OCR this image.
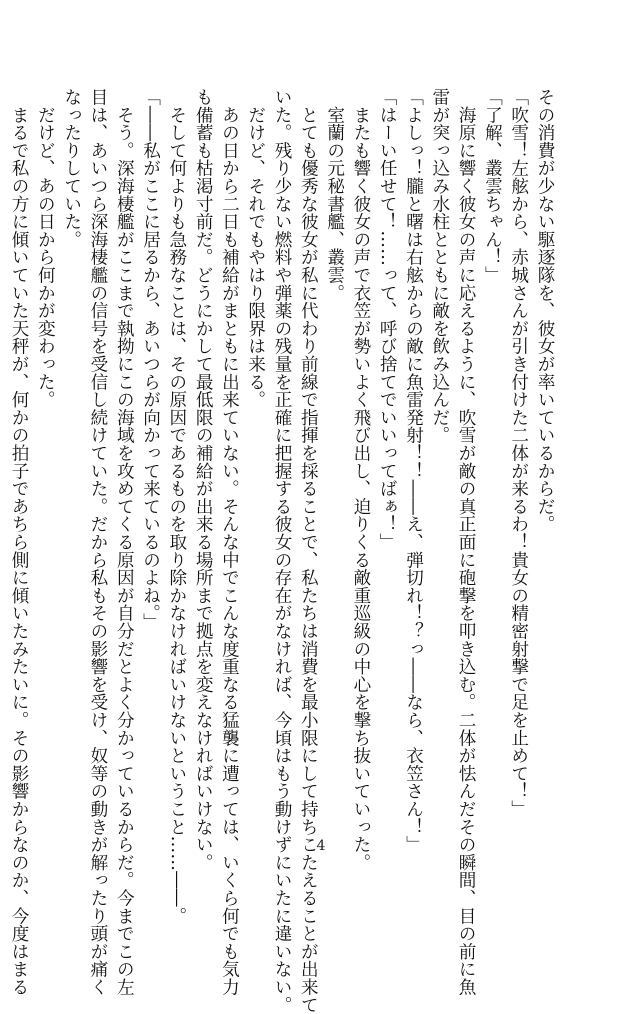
その消費が少ない駆逐隊を、彼女が率いているからだ。
「吹雪！左舷から、赤城さんが引き付けた二体が来るわ！貴女の精密射撃で足を止めて！」
「了解、叢雲ちゃん！」
　海原に響く彼女の声に応えるように、吹雪が敵の真正面に砲撃を叩き込む。二体が怯んだその瞬間、目の前に魚
雷が突っ込み水柱とともに敵を飲み込んだ。
「よしっ！朧と曙は右舷からの敵に魚雷発射！！――え、弾切れ！？っ――なら、衣笠さん！」
「はーい任せて！……って、呼び捨てでいいってばぁ！」
　またも響く彼女の声で衣笠が勢いよく飛び出し、迫りくる敵重巡級の中心を撃ち抜いていった。
　室蘭の元秘書艦、叢雲。
　とても優秀な彼女が私に代わり前線で指揮を採ることで、私たちは消費を最小限にして持ちこたえることが出来て
いた。残り少ない燃料や弾薬の残量を正確に把握する彼女の存在がなければ、今頃はもう動けずにいたに違いない。
　だけど、それでもやはり限界は来る。
　あの日から二日も補給がまともに出来ていない。そんな中でこんな度重なる猛襲に遭っては、いくら何でも気力
も備蓄も枯渇寸前だ。どうにかして最低限の補給が出来る場所まで拠点を変えなければいけない。
　そして何よりも急務なことは、その原因であるものを取り除かなければいけないということ……――。
「――私がここに居るから、あいつらが向かって来ているのよね。」
　そう。深海棲艦がここまで執拗にこの海域を攻めてくる原因が自分だとよく分かっているからだ。今までこの左
目は、あいつら深海棲艦の信号を受信し続けていた。だから私もその影響を受け、奴等の動きが解ったり頭が痛く
なったりしていた。
　だけど、あの日から何かが変わった。
　まるで私の方に傾いていた天秤が、何かの拍子であちら側に傾いたみたいに。その影響からなのか、今度はまる	4
